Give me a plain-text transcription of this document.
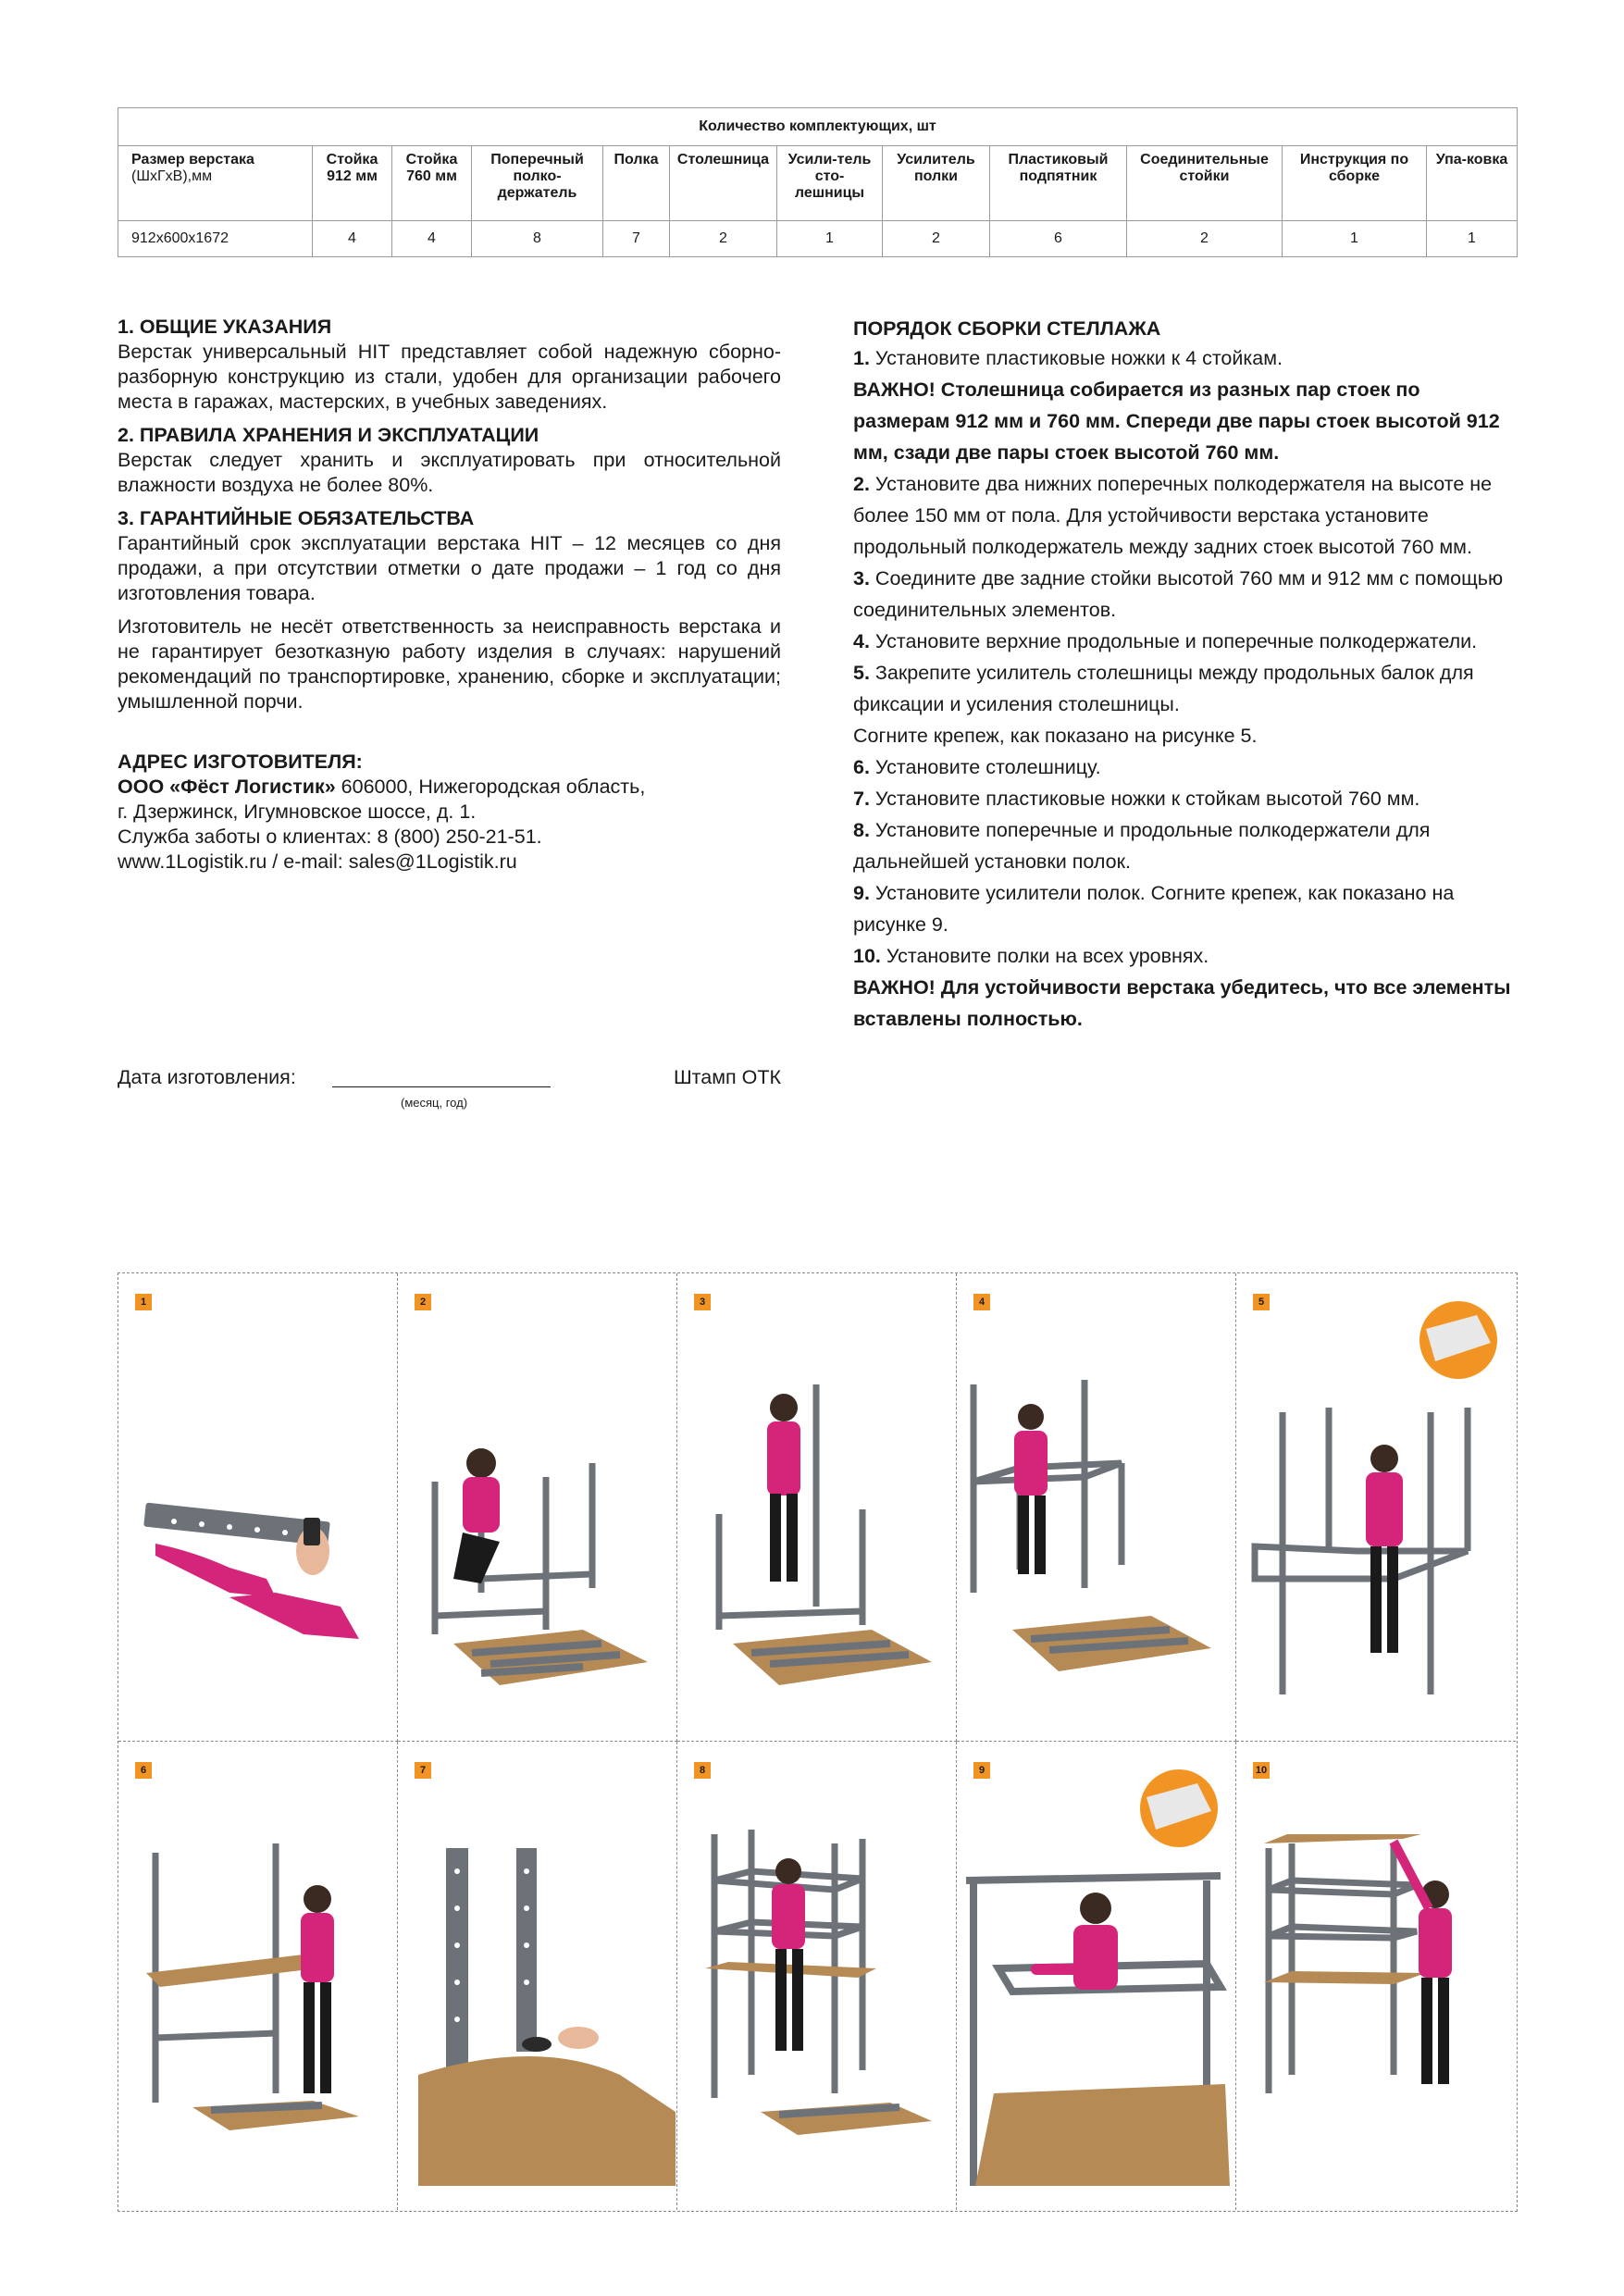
Количество комплектующих, шт											
Размер верстака
(ШхГхВ),мм	Стойка 912 мм	Стойка 760 мм	Поперечный полко-держатель	Полка	Столешница	Усили-тель сто-лешницы	Усилитель полки	Пластиковый подпятник	Соединительные стойки	Инструкция по сборке	Упа-ковка
912x600x1672	4	4	8	7	2	1	2	6	2	1	1
1. ОБЩИЕ УКАЗАНИЯ

Верстак универсальный HIT представляет собой надежную сборно-разборную конструкцию из стали, удобен для организации рабочего места в гаражах, мастерских, в учебных заведениях.

2. ПРАВИЛА ХРАНЕНИЯ И ЭКСПЛУАТАЦИИ

Верстак следует хранить и эксплуатировать при относительной влажности воздуха не более 80%.

3. ГАРАНТИЙНЫЕ ОБЯЗАТЕЛЬСТВА

Гарантийный срок эксплуатации верстака HIT – 12 месяцев со дня продажи, а при отсутствии отметки о дате продажи – 1 год со дня изготовления товара.

Изготовитель не несёт ответственность за неисправность верстака и не гарантирует безотказную работу изделия в случаях: нарушений рекомендаций по транспортировке, хранению, сборке и эксплуатации; умышленной порчи.

АДРЕС ИЗГОТОВИТЕЛЯ:

ООО «Фёст Логистик» 606000, Нижегородская область,

г. Дзержинск, Игумновское шоссе, д. 1.

Служба заботы о клиентах: 8 (800) 250-21-51.

www.1Logistik.ru / e-mail: sales@1Logistik.ru

Дата изготовления:
(месяц, год)
Штамп ОТК
ПОРЯДОК СБОРКИ СТЕЛЛАЖА

1. Установите пластиковые ножки к 4 стойкам.

ВАЖНО! Столешница собирается из разных пар стоек по размерам 912 мм и 760 мм. Спереди две пары стоек высотой 912 мм, сзади две пары стоек высотой 760 мм.

2. Установите два нижних поперечных полкодержателя на высоте не более 150 мм от пола. Для устойчивости верстака установите продольный полкодержатель между задних стоек высотой 760 мм.

3. Соедините две задние стойки высотой 760 мм и 912 мм с помощью соединительных элементов.

4. Установите верхние продольные и поперечные полкодержатели.

5. Закрепите усилитель столешницы между продольных балок для фиксации и усиления столешницы.

Согните крепеж, как показано на рисунке 5.

6. Установите столешницу.

7. Установите пластиковые ножки к стойкам высотой 760 мм.

8. Установите поперечные и продольные полкодержатели для дальнейшей установки полок.

9. Установите усилители полок. Согните крепеж, как показано на рисунке 9.

10. Установите полки на всех уровнях.

ВАЖНО! Для устойчивости верстака убедитесь, что все элементы вставлены полностью.

1	2	3	4	5
6	7	8	9	10
